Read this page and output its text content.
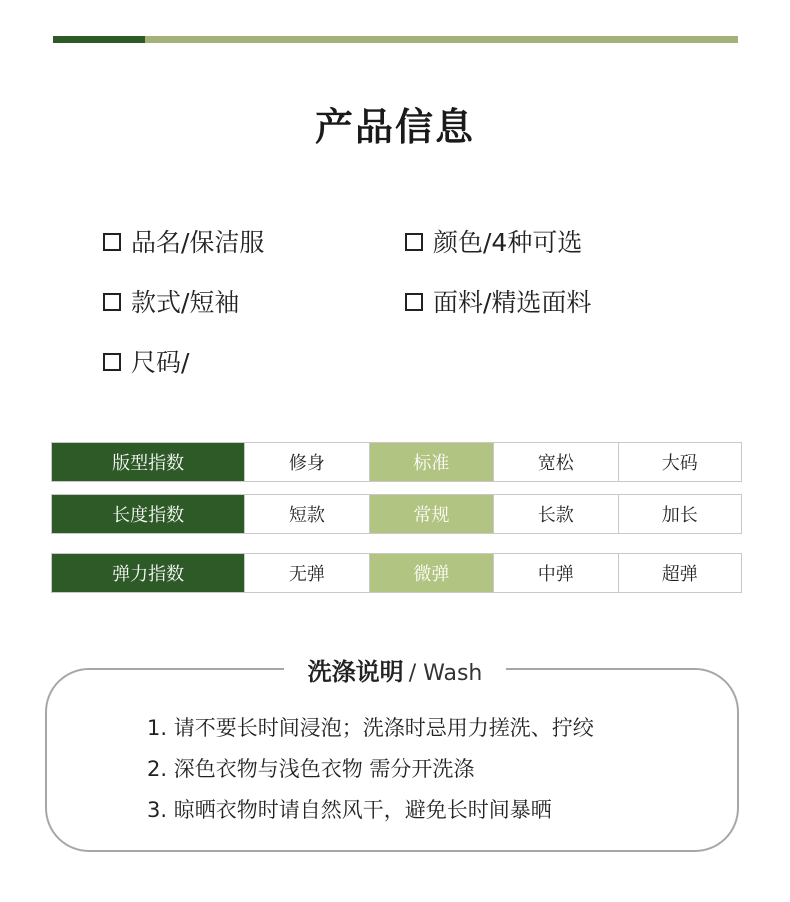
产品信息
品名/保洁服	颜色/4种可选
款式/短袖	面料/精选面料
尺码/
版型指数	修身	标准	宽松	大码
长度指数	短款	常规	长款	加长
弹力指数	无弹	微弹	中弹	超弹
洗涤说明 / Wash
1. 请不要长时间浸泡；洗涤时忌用力搓洗、拧绞
2. 深色衣物与浅色衣物 需分开洗涤
3. 晾晒衣物时请自然风干，避免长时间暴晒
